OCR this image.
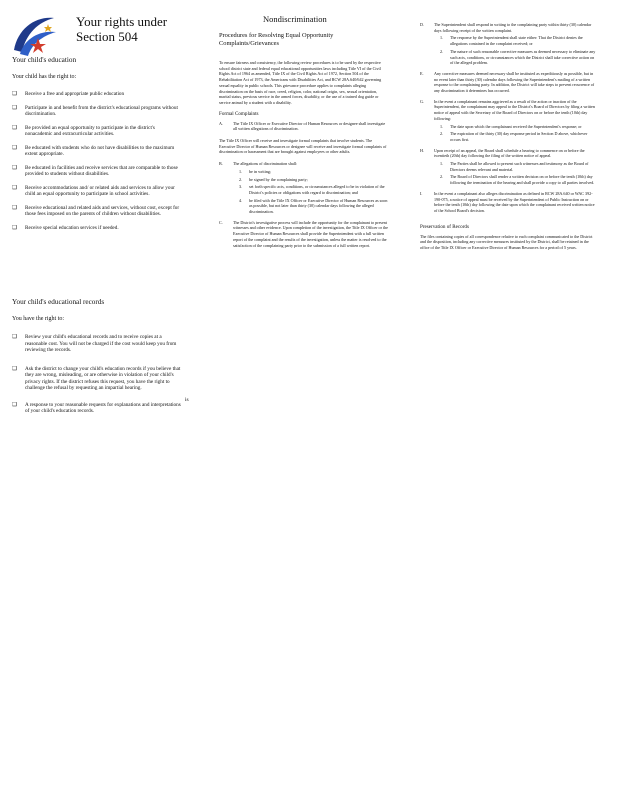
Your rights under
Section 504
Your child's education
Your child has the right to:
❑ Receive a free and appropriate public education
❑ Participate in and benefit from the district's educational programs without discrimination.
❑ Be provided an equal opportunity to participate in the district's nonacademic and extracurricular activities.
❑ Be educated with students who do not have disabilities to the maximum extent appropriate.
❑ Be educated in facilities and receive services that are comparable to those provided to students without disabilities.
❑ Receive accommodations and/ or related aids and services to allow your child an equal opportunity to participate in school activities.
❑ Receive educational and related aids and services, without cost, except for those fees imposed on the parents of children without disabilities.
❑ Receive special education services if needed.
Your child's educational records
You have the right to:
❑ Review your child's educational records and to receive copies at a reasonable cost. You will not be charged if the cost would keep you from reviewing the records.
❑ Ask the district to change your child's education records if you believe that they are wrong, misleading, or are otherwise in violation of your child's privacy rights. If the district refuses this request, you have the right to challenge the refusal by requesting an impartial hearing.
❑ A response to your reasonable requests for explanations and interpretations of your child's education records.
is
Nondiscrimination
Procedures for Resolving Equal Opportunity Complaints/Grievances

To ensure fairness and consistency, the following review procedures is to be used by the respective school district state and federal equal educational opportunities laws including Title VI of the Civil Rights Act of 1964 as amended, Title IX of the Civil Rights Act of 1972, Section 504 of the Rehabilitation Act of 1973, the Americans with Disabilities Act, and RCW 28A.640/642 governing sexual equality in public schools. This grievance procedure applies to complaints alleging discrimination on the basis of race, creed, religion, color, national origin, sex, sexual orientation, marital status, previous service in the armed forces, disability, or the use of a trained dog guide or service animal by a student with a disability.

Formal Complaints
A. The Title IX Officer or Executive Director of Human Resources or designee shall investigate all written allegations of discrimination.

The Title IX Officer will receive and investigate formal complaints that involve students. The Executive Director of Human Resources or designee will receive and investigate formal complaints of discrimination or harassment that are brought against employees or other adults.

B. The allegations of discrimination shall:
1. be in writing;
2. be signed by the complaining party;
3. set forth specific acts, conditions, or circumstances alleged to be in violation of the District's policies or obligations with regard to discrimination; and
4. be filed with the Title IX Officer or Executive Director of Human Resources as soon as possible, but not later than thirty (30) calendar days following the alleged discrimination.
C. The District's investigative process will include the opportunity for the complainant to present witnesses and other evidence. Upon completion of the investigation, the Title IX Officer or the Executive Director of Human Resources shall provide the Superintendent with a full written report of the complaint and the results of the investigation, unless the matter is resolved to the satisfaction of the complaining party prior to the submission of a full written report.
D. The Superintendent shall respond in writing to the complaining party within thirty (30) calendar days following receipt of the written complaint.
1. The response by the Superintendent shall state either: That the District denies the allegations contained in the complaint received; or
2. The nature of such reasonable corrective measures as deemed necessary to eliminate any such acts, conditions, or circumstances which the District shall take corrective action on of the alleged problem.
E.	Any corrective measures deemed necessary shall be instituted as expeditiously as possible, but in no event later than thirty (30) calendar days following the Superintendent's mailing of a written response to the complaining party. In addition, the District will take steps to prevent recurrence of any discrimination it determines has occurred.
G. In the event a complainant remains aggrieved as a result of the action or inaction of the Superintendent, the complainant may appeal to the District's Board of Directors by filing a written notice of appeal with the Secretary of the Board of Directors on or before the tenth (10th) day following:
1. The date upon which the complainant received the Superintendent's response; or
2. The expiration of the thirty (30) day response period in Section D above, whichever occurs first.
H. Upon receipt of an appeal, the Board shall schedule a hearing to commence on or before the twentieth (20th) day following the filing of the written notice of appeal.
1. The Parties shall be allowed to present such witnesses and testimony as the Board of Directors deems relevant and material.
2. The Board of Directors shall render a written decision on or before the tenth (10th) day following the termination of the hearing and shall provide a copy to all parties involved.
I.	In the event a complainant also alleges discrimination as defined in RCW 28A.640 or WAC 392-190-075, a notice of appeal must be received by the Superintendent of Public Instruction on or before the tenth (10th) day following the date upon which the complainant received written notice of the School Board's decision.
Preservation of Records

The files containing copies of all correspondence relative to each complaint communicated to the District and the disposition, including any corrective measures instituted by the District, shall be retained in the office of the Title IX Officer or Executive Director of Human Resources for a period of 5 years.
